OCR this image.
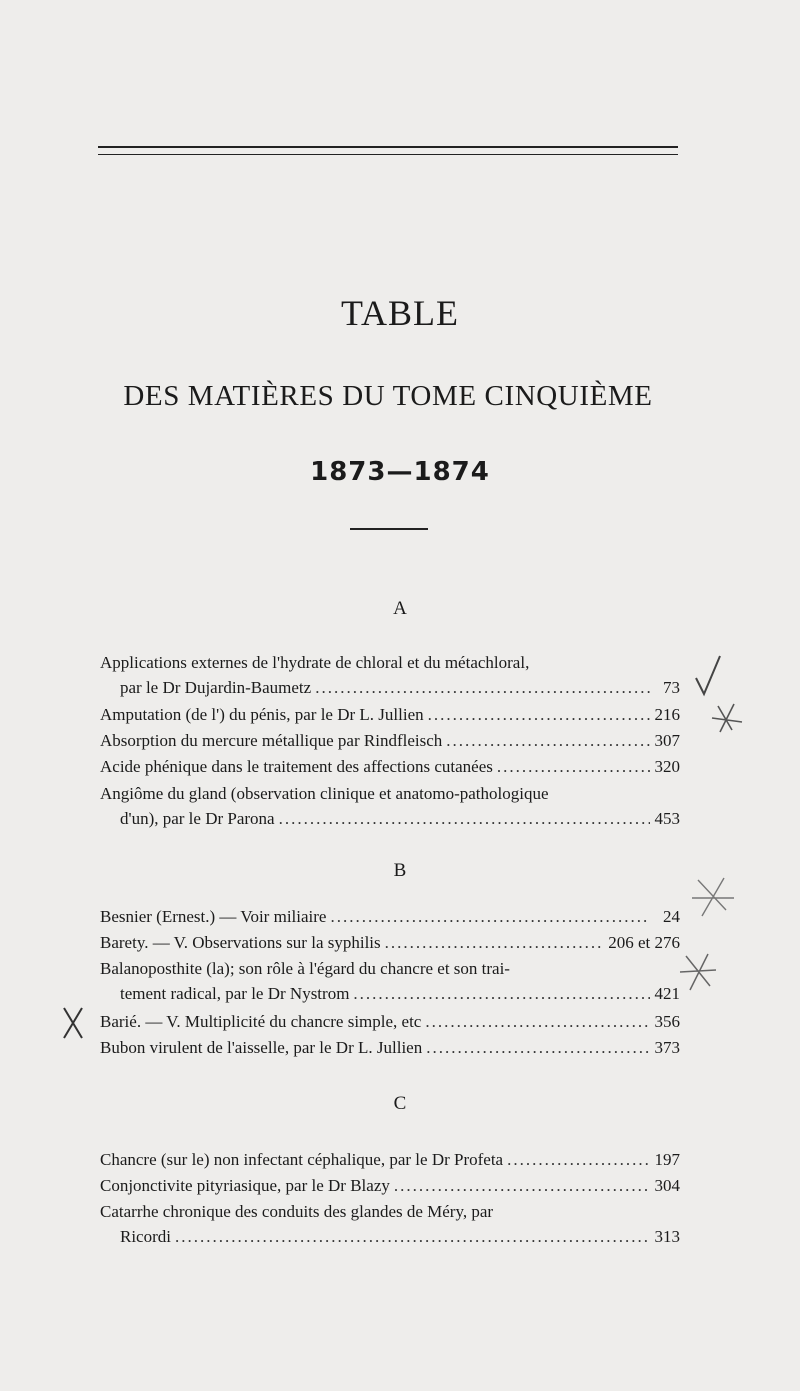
TABLE
DES MATIÈRES DU TOME CINQUIÈME
1873—1874
A
Applications externes de l'hydrate de chloral et du métachloral,
par le Dr Dujardin-Baumetz .....	73
Amputation (de l') du pénis, par le Dr L. Jullien .....	216
Absorption du mercure métallique par Rindfleisch .....	307
Acide phénique dans le traitement des affections cutanées .....	320
Angiôme du gland (observation clinique et anatomo-pathologique
d'un), par le Dr Parona .....	453
B
Besnier (Ernest.) — Voir miliaire .....	24
Barety. — V. Observations sur la syphilis .....	206 et 276
Balanoposthite (la); son rôle à l'égard du chancre et son trai-
tement radical, par le Dr Nystrom .....	421
Barié. — V. Multiplicité du chancre simple, etc .....	356
Bubon virulent de l'aisselle, par le Dr L. Jullien .....	373
C
Chancre (sur le) non infectant céphalique, par le Dr Profeta .....	197
Conjonctivite pityriasique, par le Dr Blazy .....	304
Catarrhe chronique des conduits des glandes de Méry, par
Ricordi .....	313
